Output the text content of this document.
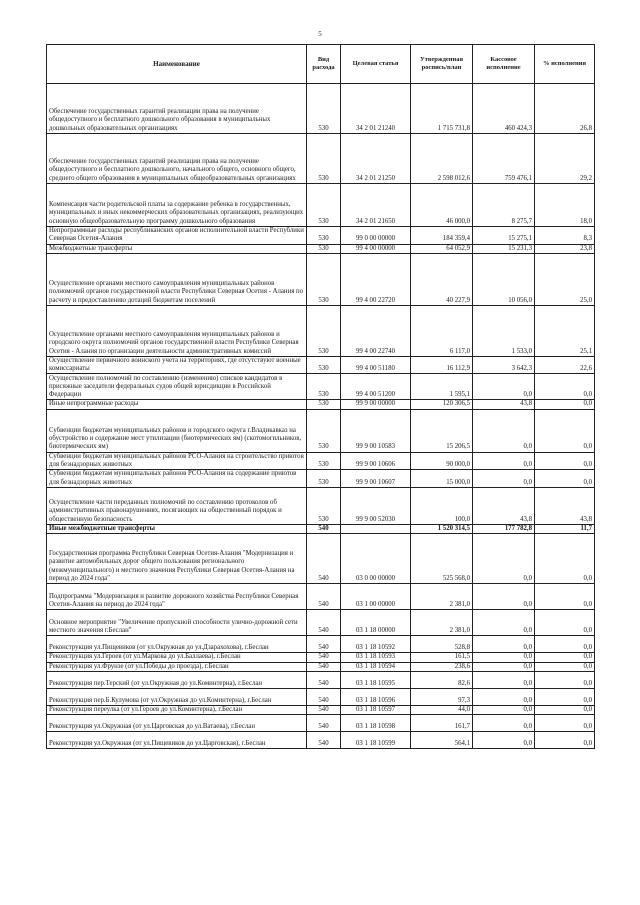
5
Наименование	Вид расхода	Целевая статья	Утвержденная роспись/план	Кассовое исполнение	% исполнения
Обеспечение государственных гарантий реализации права на получение общедоступного и бесплатного дошкольного образования в муниципальных дошкольных образовательных организациях	530	34 2 01 21240	1 715 731,8	460 424,3	26,8
Обеспечение государственных гарантий реализации права на получение общедоступного и бесплатного дошкольного, начального общего, основного общего, среднего общего образования в муниципальных общеобразовательных организациях	530	34 2 01 21250	2 598 012,6	759 476,1	29,2
Компенсация части родительской платы за содержание ребенка в государственных, муниципальных и иных некоммерческих образовательных организациях, реализующих основную общеобразовательную программу дошкольного образования	530	34 2 01 21650	46 000,0	8 275,7	18,0
Непрограммные расходы республиканских органов исполнительной власти Республики Северная Осетия-Алания	530	99 0 00 00000	184 359,4	15 275,1	8,3
Межбюджетные трансферты	530	99 4 00 00000	64 052,9	15 231,3	23,8
Осуществление органами местного самоуправления муниципальных районов полномочий органов государственной власти Республики Северная Осетия - Алания по расчету и предоставлению дотаций бюджетам поселений	530	99 4 00 22720	40 227,9	10 056,0	25,0
Осуществление органами местного самоуправления муниципальных районов и городского округа полномочий органов государственной власти Республики Северная Осетия - Алания по организации деятельности административных комиссий	530	99 4 00 22740	6 117,0	1 533,0	25,1
Осуществление первичного воинского учета на территориях, где отсутствуют военные комиссариаты	530	99 4 00 51180	16 112,9	3 642,3	22,6
Осуществление полномочий по составлению (изменению) списков кандидатов в присяжные заседатели федеральных судов общей юрисдикции в Российской Федерации	530	99 4 00 51200	1 595,1	0,0	0,0
Иные непрограммные расходы	530	99 9 00 00000	120 306,5	43,8	0,0
Субвенции бюджетам муниципальных районов и городского округа г.Владикавказ на обустройство и содержание мест утилизации (биотермических ям) (скотомогильников, биотермических ям)	530	99 9 00 10583	15 206,5	0,0	0,0
Субвенции бюджетам муниципальных районов РСО-Алания на строительство приютов для безнадзорных животных	530	99 9 00 10606	90 000,0	0,0	0,0
Субвенции бюджетам муниципальных районов РСО-Алания на содержание приютов для безнадзорных животных	530	99 9 00 10607	15 000,0	0,0	0,0
Осуществление части переданных полномочий по составлению протоколов об административных правонарушениях, посягающих на общественный порядок и общественную безопасность	530	99 9 00 52030	100,0	43,8	43,8
Иные межбюджетные трансферты	540		1 520 314,5	177 782,8	11,7
Государственная программа Республики Северная Осетия-Алания "Модернизация и развитие автомобильных дорог общего пользования регионального (межмуниципального) и местного значения Республики Северная Осетия-Алания на период до 2024 года"	540	03 0 00 00000	525 568,0	0,0	0,0
Подпрограмма "Модернизация и развитие дорожного хозяйства Республики Северная Осетия-Алания на период до 2024 года"	540	03 1 00 00000	2 381,0	0,0	0,0
Основное мероприятие "Увеличение пропускной способности улично-дорожной сети местного значения г.Беслан"	540	03 1 18 00000	2 381,0	0,0	0,0
Реконструкция ул.Пищевиков (от ул.Окружная до ул.Дзарахохова), г.Беслан	540	03 1 18 10592	528,8	0,0	0,0
Реконструкция ул.Героев (от ул.Маркова до ул.Баллаева), г.Беслан	540	03 1 18 10593	161,5	0,0	0,0
Реконструкция ул.Фрунзе (от ул.Победы до проезда), г.Беслан	540	03 1 18 10594	238,6	0,0	0,0
Реконструкция пер.Терский (от ул.Окружная до ул.Коминтерна), г.Беслан	540	03 1 18 10595	82,6	0,0	0,0
Реконструкция пер.Б.Кулумова (от ул.Окружная до ул.Коминтерна), г.Беслан	540	03 1 18 10596	97,3	0,0	0,0
Реконструкция переулка (от ул.Героев до ул.Коминтерна), г.Беслан	540	03 1 18 10597	44,0	0,0	0,0
Реконструкция ул.Окружная (от ул.Царговская до ул.Ватаева), г.Беслан	540	03 1 18 10598	161,7	0,0	0,0
Реконструкция ул.Окружная (от ул.Пищевиков до ул.Царговская), г.Беслан	540	03 1 18 10599	564,1	0,0	0,0
